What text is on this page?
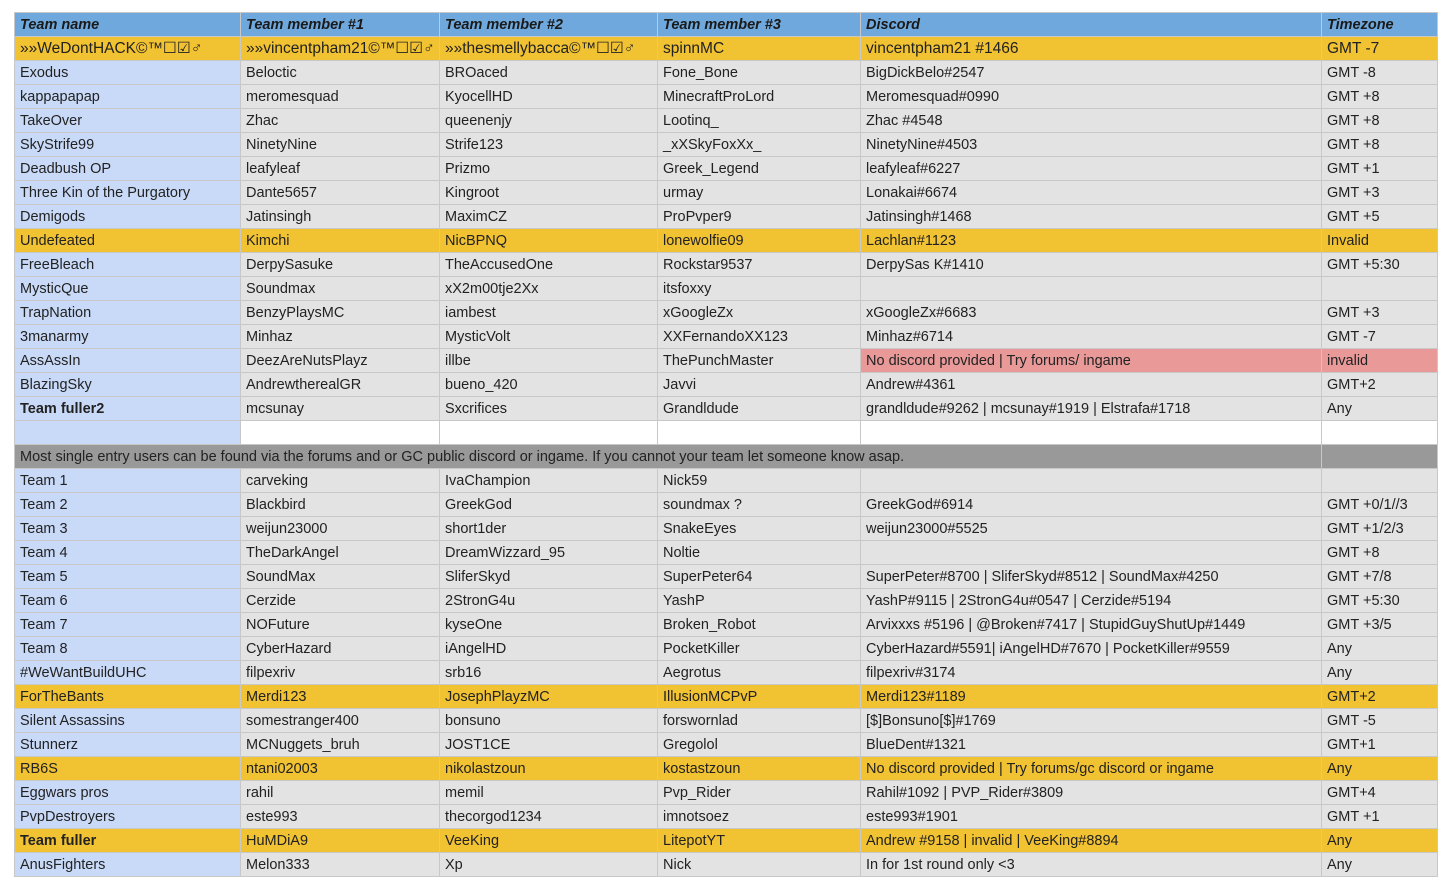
Team name	Team member #1	Team member #2	Team member #3	Discord	Timezone
»»WeDontHACK©™☐☑♂	»»vincentpham21©™☐☑♂	»»thesmellybacca©™☐☑♂	spinnMC	vincentpham21 #1466	GMT -7
Exodus	Beloctic	BROaced	Fone_Bone	BigDickBelo#2547	GMT -8
kappapapap	meromesquad	KyocellHD	MinecraftProLord	Meromesquad#0990	GMT +8
TakeOver	Zhac	queenenjy	Lootinq_	Zhac #4548	GMT +8
SkyStrife99	NinetyNine	Strife123	_xXSkyFoxXx_	NinetyNine#4503	GMT +8
Deadbush OP	leafyleaf	Prizmo	Greek_Legend	leafyleaf#6227	GMT +1
Three Kin of the Purgatory	Dante5657	Kingroot	urmay	Lonakai#6674	GMT +3
Demigods	Jatinsingh	MaximCZ	ProPvper9	Jatinsingh#1468	GMT +5
Undefeated	Kimchi	NicBPNQ	lonewolfie09	Lachlan#1123	Invalid
FreeBleach	DerpySasuke	TheAccusedOne	Rockstar9537	DerpySas K#1410	GMT +5:30
MysticQue	Soundmax	xX2m00tje2Xx	itsfoxxy		
TrapNation	BenzyPlaysMC	iambest	xGoogleZx	xGoogleZx#6683	GMT +3
3manarmy	Minhaz	MysticVolt	XXFernandoXX123	Minhaz#6714	GMT -7
AssAssIn	DeezAreNutsPlayz	illbe	ThePunchMaster	No discord provided | Try forums/ ingame	invalid
BlazingSky	AndrewtherealGR	bueno_420	Javvi	Andrew#4361	GMT+2
Team fuller2	mcsunay	Sxcrifices	Grandldude	grandldude#9262 | mcsunay#1919 | Elstrafa#1718	Any

Most single entry users can be found via the forums and or GC public discord or ingame. If you cannot your team let someone know asap.					
Team 1	carveking	IvaChampion	Nick59		
Team 2	Blackbird	GreekGod	soundmax ?	GreekGod#6914	GMT +0/1//3
Team 3	weijun23000	short1der	SnakeEyes	weijun23000#5525	GMT +1/2/3
Team 4	TheDarkAngel	DreamWizzard_95	Noltie		GMT +8
Team 5	SoundMax	SliferSkyd	SuperPeter64	SuperPeter#8700 | SliferSkyd#8512 | SoundMax#4250	GMT +7/8
Team 6	Cerzide	2StronG4u	YashP	YashP#9115 | 2StronG4u#0547 | Cerzide#5194	GMT +5:30
Team 7	NOFuture	kyseOne	Broken_Robot	Arvixxxs #5196 | @Broken#7417 | StupidGuyShutUp#1449	GMT +3/5
Team 8	CyberHazard	iAngelHD	PocketKiller	CyberHazard#5591| iAngelHD#7670 | PocketKiller#9559	Any
#WeWantBuildUHC	filpexriv	srb16	Aegrotus	filpexriv#3174	Any
ForTheBants	Merdi123	JosephPlayzMC	IllusionMCPvP	Merdi123#1189	GMT+2
Silent Assassins	somestranger400	bonsuno	forswornlad	[$]Bonsuno[$]#1769	GMT -5
Stunnerz	MCNuggets_bruh	JOST1CE	Gregolol	BlueDent#1321	GMT+1
RB6S	ntani02003	nikolastzoun	kostastzoun	No discord provided | Try forums/gc discord or ingame	Any
Eggwars pros	rahil	memil	Pvp_Rider	Rahil#1092 | PVP_Rider#3809	GMT+4
PvpDestroyers	este993	thecorgod1234	imnotsoez	este993#1901	GMT +1
Team fuller	HuMDiA9	VeeKing	LitepotYT	Andrew #9158 | invalid | VeeKing#8894	Any
AnusFighters	Melon333	Xp	Nick	In for 1st round only <3	Any
